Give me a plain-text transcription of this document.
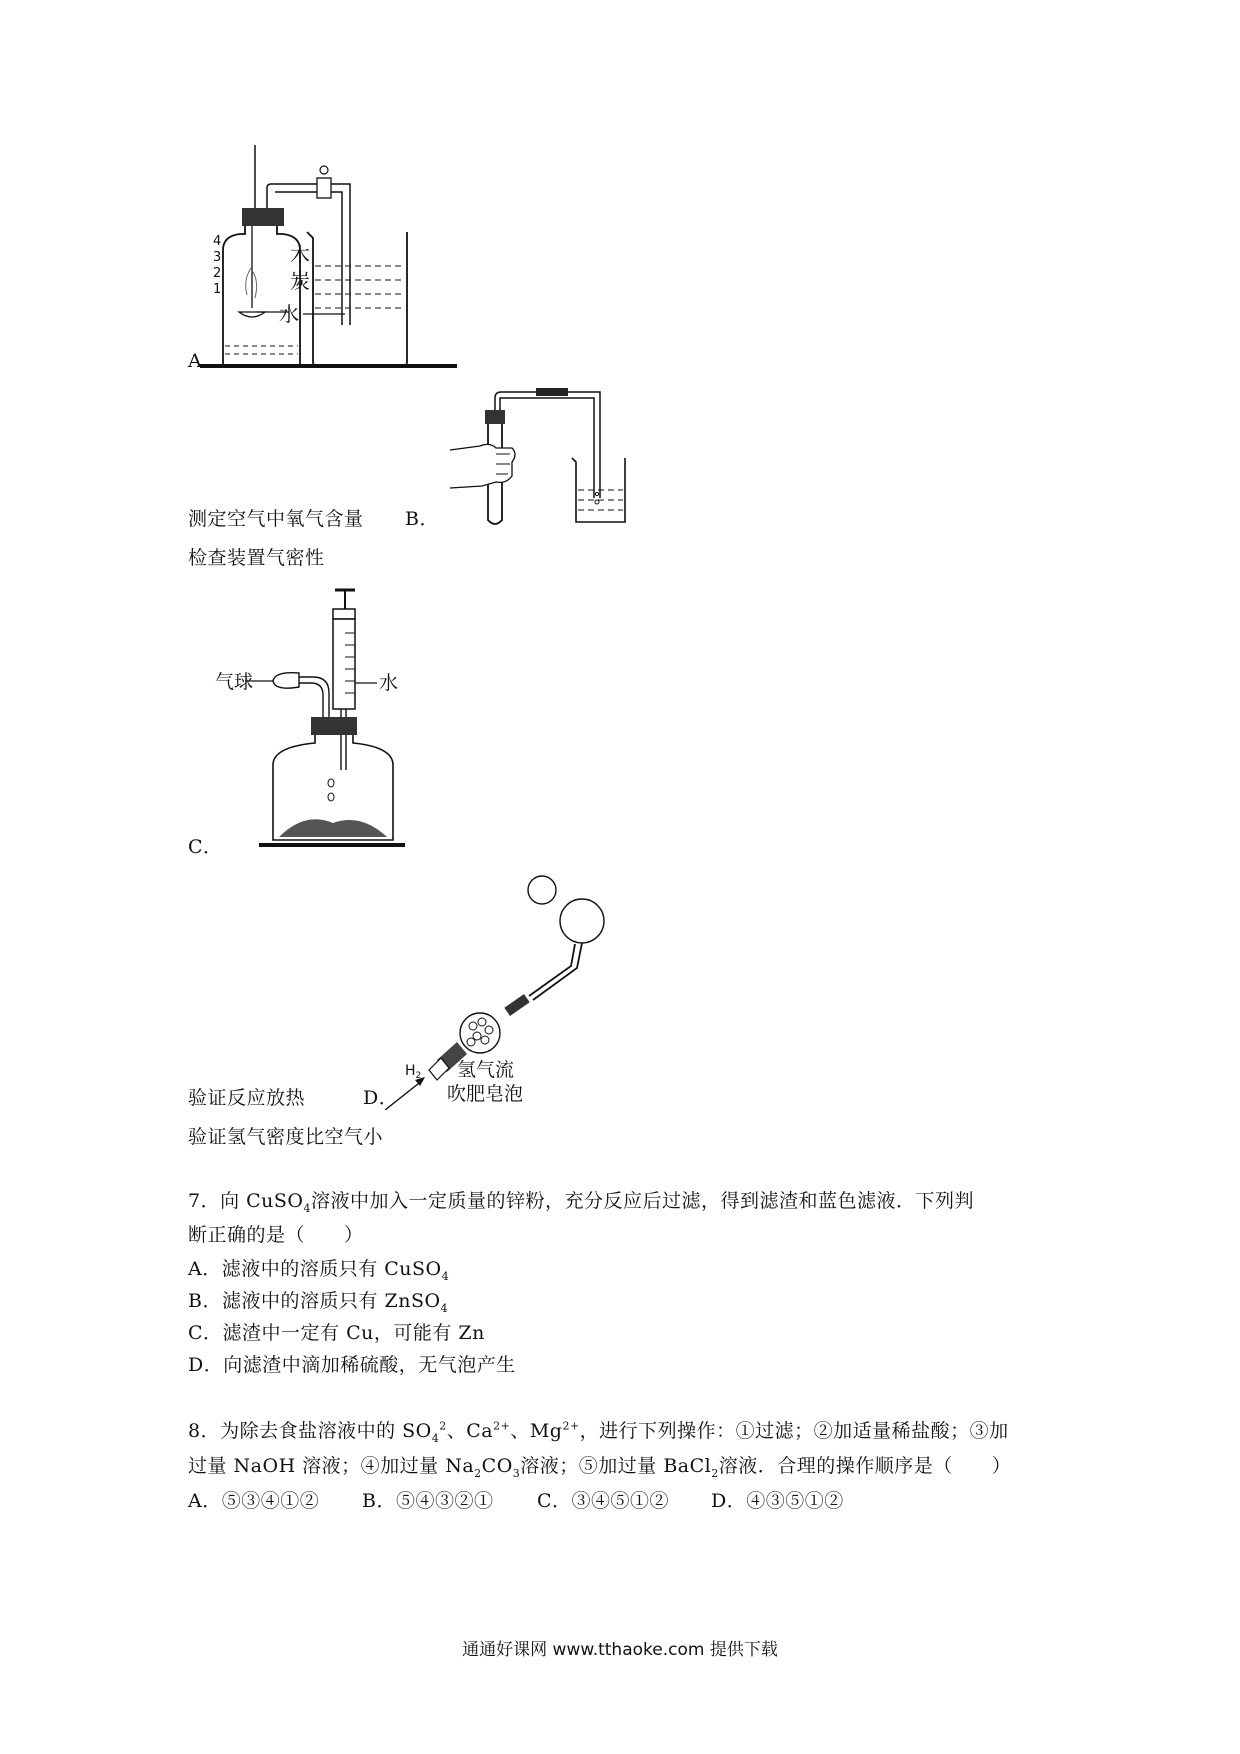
4
3
2
1
木
炭
水
A．
测定空气中氧气含量 B．
检查装置气密性
气球	水
C．
$H_2$ 氢气流
吹肥皂泡
验证反应放热	D．
验证氢气密度比空气小
7．向 CuSO$_4$溶液中加入一定质量的锌粉，充分反应后过滤，得到滤渣和蓝色滤液．下列判
断正确的是（　　）
A．滤液中的溶质只有 CuSO$_4$
B．滤液中的溶质只有 ZnSO$_4$
C．滤渣中一定有 Cu，可能有 Zn
D．向滤渣中滴加稀硫酸，无气泡产生
8．为除去食盐溶液中的 $SO_4^2$、$Ca^{2+}$、$Mg^{2+}$，进行下列操作：①过滤；②加适量稀盐酸；③加
过量 NaOH 溶液；④加过量 $Na_2CO_3$溶液；⑤加过量 BaCl$_2$溶液．合理的操作顺序是（　　）
A．⑤③④①② B．⑤④③②① C．③④⑤①② D．④③⑤①②
通通好课网 www.tthaoke.com 提供下载
